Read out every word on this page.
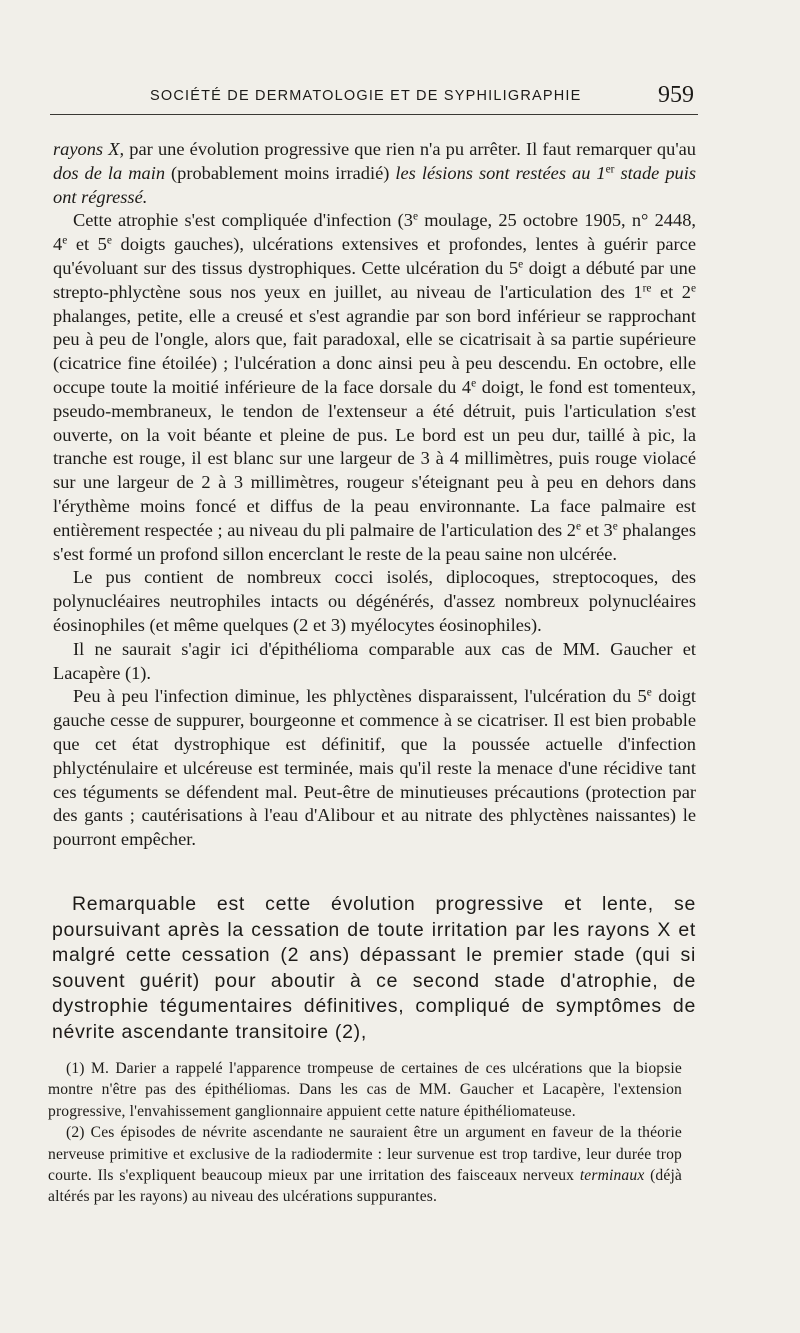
SOCIÉTÉ DE DERMATOLOGIE ET DE SYPHILIGRAPHIE	959

rayons X, par une évolution progressive que rien n'a pu arrêter. Il faut remarquer qu'au dos de la main (probablement moins irradié) les lésions sont restées au 1er stade puis ont régressé.

Cette atrophie s'est compliquée d'infection (3e moulage, 25 octobre 1905, n° 2448, 4e et 5e doigts gauches), ulcérations extensives et profondes, lentes à guérir parce qu'évoluant sur des tissus dystrophiques. Cette ulcération du 5e doigt a débuté par une strepto-phlyctène sous nos yeux en juillet, au niveau de l'articulation des 1re et 2e phalanges, petite, elle a creusé et s'est agrandie par son bord inférieur se rapprochant peu à peu de l'ongle, alors que, fait paradoxal, elle se cicatrisait à sa partie supérieure (cicatrice fine étoilée) ; l'ulcération a donc ainsi peu à peu descendu. En octobre, elle occupe toute la moitié inférieure de la face dorsale du 4e doigt, le fond est tomenteux, pseudo-membraneux, le tendon de l'extenseur a été détruit, puis l'articulation s'est ouverte, on la voit béante et pleine de pus. Le bord est un peu dur, taillé à pic, la tranche est rouge, il est blanc sur une largeur de 3 à 4 millimètres, puis rouge violacé sur une largeur de 2 à 3 millimètres, rougeur s'éteignant peu à peu en dehors dans l'érythème moins foncé et diffus de la peau environnante. La face palmaire est entièrement respectée ; au niveau du pli palmaire de l'articulation des 2e et 3e phalanges s'est formé un profond sillon encerclant le reste de la peau saine non ulcérée.

Le pus contient de nombreux cocci isolés, diplocoques, streptocoques, des polynucléaires neutrophiles intacts ou dégénérés, d'assez nombreux polynucléaires éosinophiles (et même quelques (2 et 3) myélocytes éosinophiles).

Il ne saurait s'agir ici d'épithélioma comparable aux cas de MM. Gaucher et Lacapère (1).

Peu à peu l'infection diminue, les phlyctènes disparaissent, l'ulcération du 5e doigt gauche cesse de suppurer, bourgeonne et commence à se cicatriser. Il est bien probable que cet état dystrophique est définitif, que la poussée actuelle d'infection phlycténulaire et ulcéreuse est terminée, mais qu'il reste la menace d'une récidive tant ces téguments se défendent mal. Peut-être de minutieuses précautions (protection par des gants ; cautérisations à l'eau d'Alibour et au nitrate des phlyctènes naissantes) le pourront empêcher.

Remarquable est cette évolution progressive et lente, se poursuivant après la cessation de toute irritation par les rayons X et malgré cette cessation (2 ans) dépassant le premier stade (qui si souvent guérit) pour aboutir à ce second stade d'atrophie, de dystrophie tégumentaires définitives, compliqué de symptômes de névrite ascendante transitoire (2),

(1) M. Darier a rappelé l'apparence trompeuse de certaines de ces ulcérations que la biopsie montre n'être pas des épithéliomas. Dans les cas de MM. Gaucher et Lacapère, l'extension progressive, l'envahissement ganglionnaire appuient cette nature épithéliomateuse.

(2) Ces épisodes de névrite ascendante ne sauraient être un argument en faveur de la théorie nerveuse primitive et exclusive de la radiodermite : leur survenue est trop tardive, leur durée trop courte. Ils s'expliquent beaucoup mieux par une irritation des faisceaux nerveux terminaux (déjà altérés par les rayons) au niveau des ulcérations suppurantes.
